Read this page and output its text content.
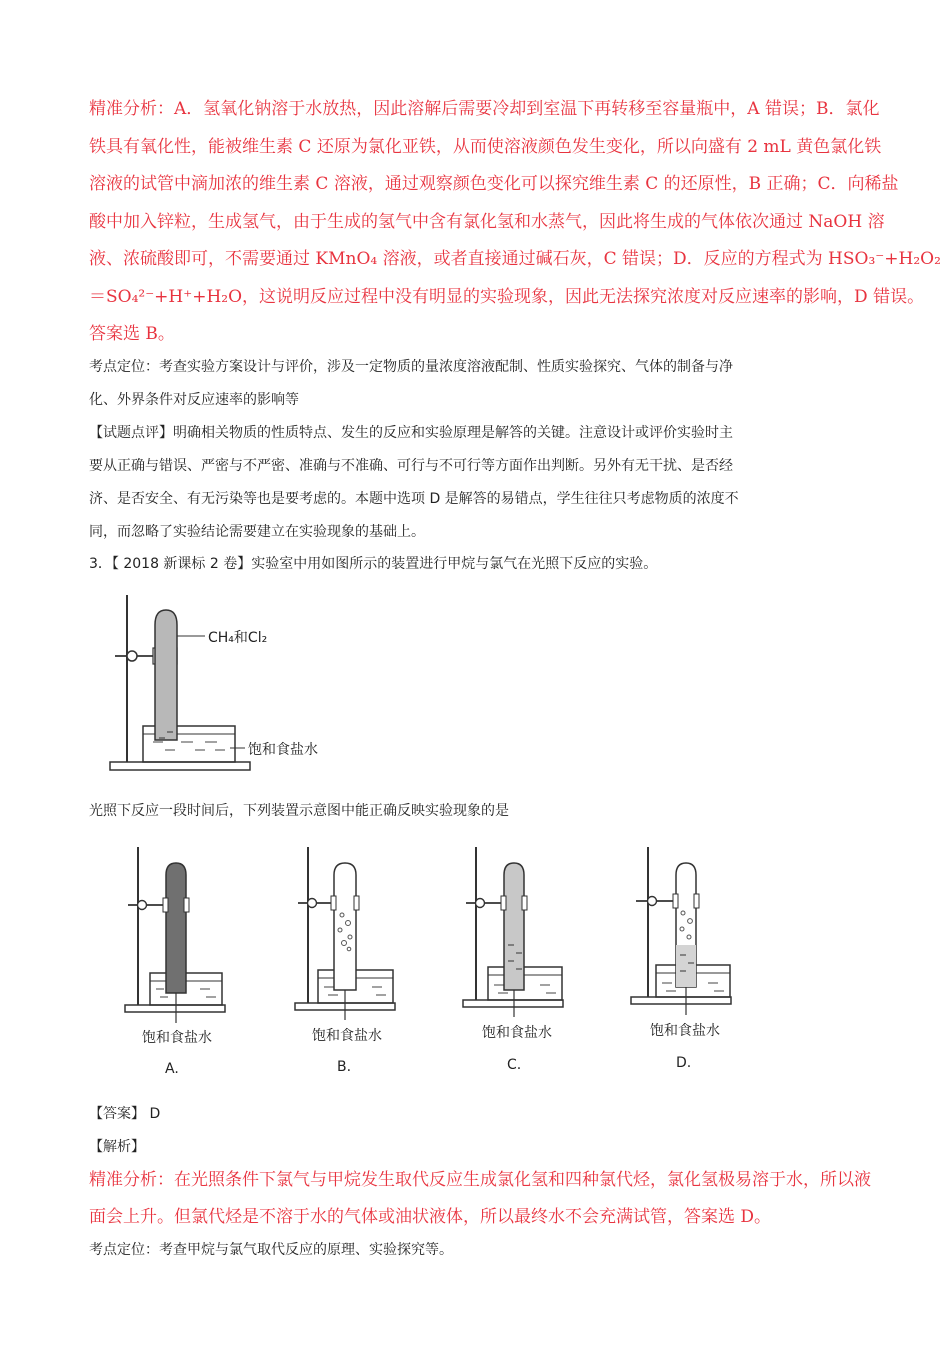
精准分析：A．氢氧化钠溶于水放热，因此溶解后需要冷却到室温下再转移至容量瓶中，A 错误；B．氯化
铁具有氧化性，能被维生素 C 还原为氯化亚铁，从而使溶液颜色发生变化，所以向盛有 2 mL 黄色氯化铁
溶液的试管中滴加浓的维生素 C 溶液，通过观察颜色变化可以探究维生素 C 的还原性，B 正确；C．向稀盐
酸中加入锌粒，生成氢气，由于生成的氢气中含有氯化氢和水蒸气，因此将生成的气体依次通过 NaOH 溶
液、浓硫酸即可，不需要通过 KMnO₄ 溶液，或者直接通过碱石灰，C 错误；D．反应的方程式为 HSO₃⁻+H₂O₂
＝SO₄²⁻+H⁺+H₂O，这说明反应过程中没有明显的实验现象，因此无法探究浓度对反应速率的影响，D 错误。
答案选 B。
考点定位：考查实验方案设计与评价，涉及一定物质的量浓度溶液配制、性质实验探究、气体的制备与净
化、外界条件对反应速率的影响等
【试题点评】明确相关物质的性质特点、发生的反应和实验原理是解答的关键。注意设计或评价实验时主
要从正确与错误、严密与不严密、准确与不准确、可行与不可行等方面作出判断。另外有无干扰、是否经
济、是否安全、有无污染等也是要考虑的。本题中选项 D 是解答的易错点，学生往往只考虑物质的浓度不
同，而忽略了实验结论需要建立在实验现象的基础上。
3．【 2018 新课标 2 卷】实验室中用如图所示的装置进行甲烷与氯气在光照下反应的实验。
CH₄和Cl₂
饱和食盐水
光照下反应一段时间后，下列装置示意图中能正确反映实验现象的是
饱和食盐水
A.
饱和食盐水
B.
饱和食盐水
C.
饱和食盐水
D.
【答案】 D
【解析】
精准分析：在光照条件下氯气与甲烷发生取代反应生成氯化氢和四种氯代烃，氯化氢极易溶于水，所以液
面会上升。但氯代烃是不溶于水的气体或油状液体，所以最终水不会充满试管，答案选 D。
考点定位：考查甲烷与氯气取代反应的原理、实验探究等。
